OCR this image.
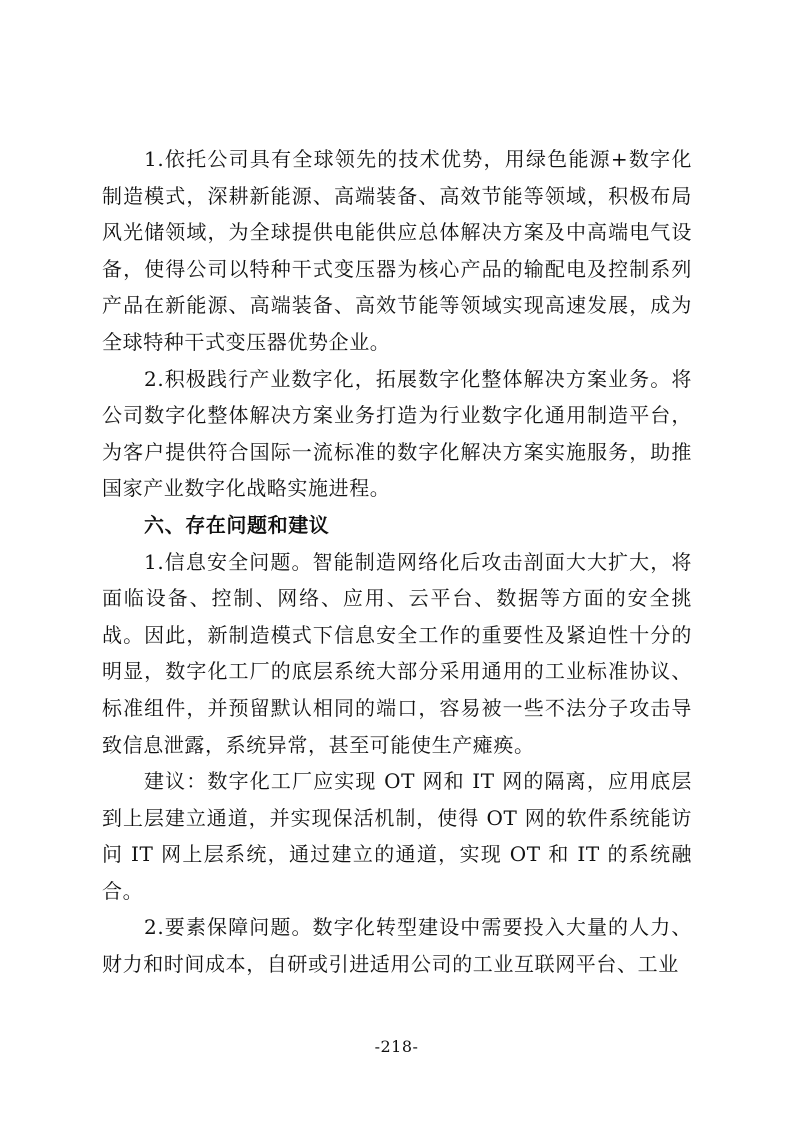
1.依托公司具有全球领先的技术优势，用绿色能源+数字化制造模式，深耕新能源、高端装备、高效节能等领域，积极布局风光储领域，为全球提供电能供应总体解决方案及中高端电气设备，使得公司以特种干式变压器为核心产品的输配电及控制系列产品在新能源、高端装备、高效节能等领域实现高速发展，成为全球特种干式变压器优势企业。

2.积极践行产业数字化，拓展数字化整体解决方案业务。将公司数字化整体解决方案业务打造为行业数字化通用制造平台，为客户提供符合国际一流标准的数字化解决方案实施服务，助推国家产业数字化战略实施进程。

六、存在问题和建议

1.信息安全问题。智能制造网络化后攻击剖面大大扩大，将面临设备、控制、网络、应用、云平台、数据等方面的安全挑战。因此，新制造模式下信息安全工作的重要性及紧迫性十分的明显，数字化工厂的底层系统大部分采用通用的工业标准协议、标准组件，并预留默认相同的端口，容易被一些不法分子攻击导致信息泄露，系统异常，甚至可能使生产瘫痪。

建议：数字化工厂应实现 OT 网和 IT 网的隔离，应用底层到上层建立通道，并实现保活机制，使得 OT 网的软件系统能访问 IT 网上层系统，通过建立的通道，实现 OT 和 IT 的系统融合。

2.要素保障问题。数字化转型建设中需要投入大量的人力、财力和时间成本，自研或引进适用公司的工业互联网平台、工业

-218-
